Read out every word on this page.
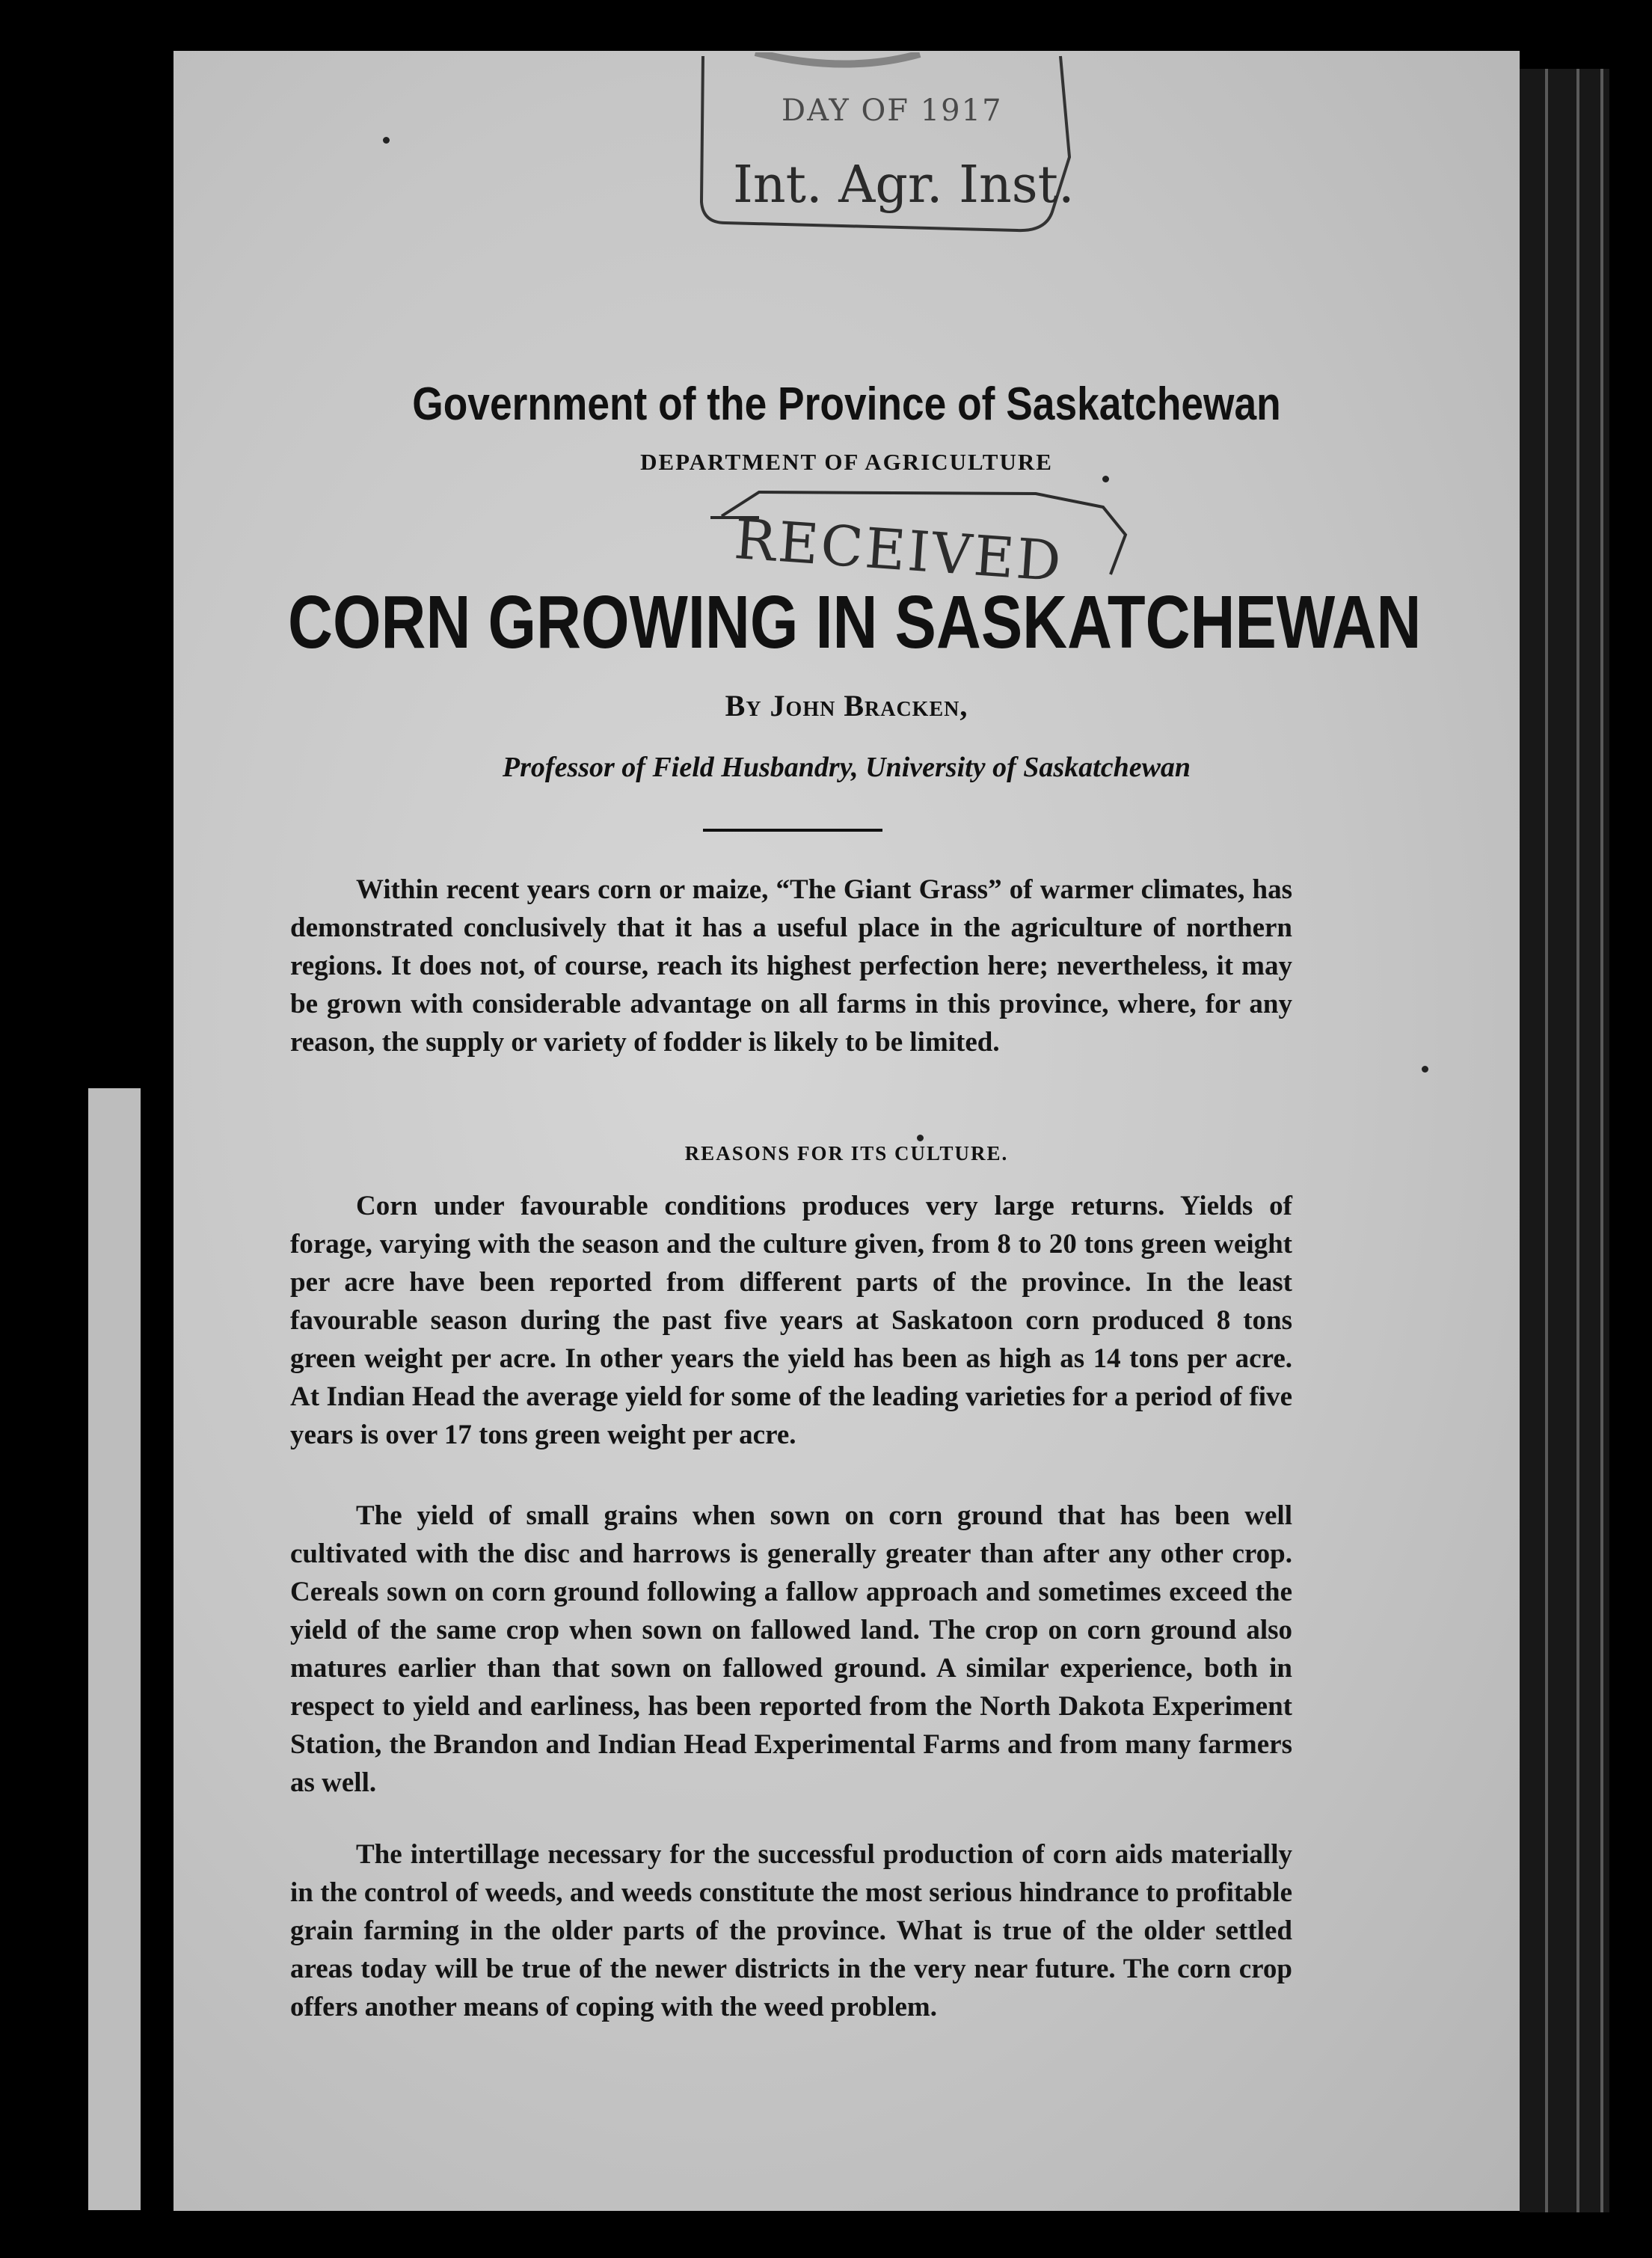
DAY OF 1917
Int. Agr. Inst.
Government of the Province of Saskatchewan
DEPARTMENT OF AGRICULTURE
RECEIVED
CORN GROWING IN SASKATCHEWAN
By John Bracken,
Professor of Field Husbandry, University of Saskatchewan
Within recent years corn or maize, “The Giant Grass” of warmer climates, has demonstrated conclusively that it has a useful place in the agriculture of northern regions. It does not, of course, reach its highest perfection here; nevertheless, it may be grown with considerable advantage on all farms in this province, where, for any reason, the supply or variety of fodder is likely to be limited.
REASONS FOR ITS CULTURE.
Corn under favourable conditions produces very large returns. Yields of forage, varying with the season and the culture given, from 8 to 20 tons green weight per acre have been reported from different parts of the province. In the least favourable season during the past five years at Saskatoon corn produced 8 tons green weight per acre. In other years the yield has been as high as 14 tons per acre. At Indian Head the average yield for some of the leading varieties for a period of five years is over 17 tons green weight per acre.
The yield of small grains when sown on corn ground that has been well cultivated with the disc and harrows is generally greater than after any other crop. Cereals sown on corn ground following a fallow approach and sometimes exceed the yield of the same crop when sown on fallowed land. The crop on corn ground also matures earlier than that sown on fallowed ground. A similar experience, both in respect to yield and earliness, has been reported from the North Dakota Experiment Station, the Brandon and Indian Head Experimental Farms and from many farmers as well.
The intertillage necessary for the successful production of corn aids materially in the control of weeds, and weeds constitute the most serious hindrance to profitable grain farming in the older parts of the province. What is true of the older settled areas today will be true of the newer districts in the very near future. The corn crop offers another means of coping with the weed problem.
